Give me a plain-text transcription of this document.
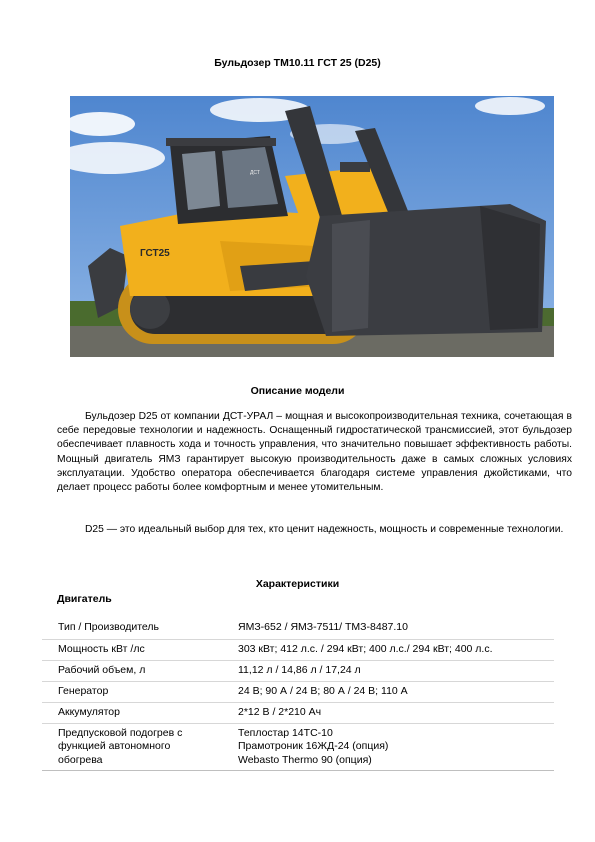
Бульдозер ТМ10.11 ГСТ 25 (D25)
ГСТ25
ДСТ
Описание модели
Бульдозер D25 от компании ДСТ-УРАЛ – мощная и высокопроизводительная техника, сочетающая в себе передовые технологии и надежность. Оснащенный гидростатической трансмиссией, этот бульдозер обеспечивает плавность хода и точность управления, что значительно повышает эффективность работы. Мощный двигатель ЯМЗ гарантирует высокую производительность даже в самых сложных условиях эксплуатации. Удобство оператора обеспечивается благодаря системе управления джойстиками, что делает процесс работы более комфортным и менее утомительным.
D25 — это идеальный выбор для тех, кто ценит надежность, мощность и современные технологии.
Характеристики
Двигатель
Тип / Производитель	ЯМЗ-652 / ЯМЗ-7511/ ТМЗ-8487.10

Мощность кВт /лс	303 кВт; 412 л.с. / 294 кВт; 400 л.с./ 294 кВт; 400 л.с.

Рабочий объем, л	11,12 л / 14,86 л / 17,24 л

Генератор	24 В; 90 А / 24 В; 80 А / 24 В; 110 А

Аккумулятор	2*12 В / 2*210 Ач

Предпусковой подогрев с функцией автономного обогрева	Теплостар 14ТС-10
Прамотроник 16ЖД-24 (опция)
Webasto Thermo 90 (опция)
